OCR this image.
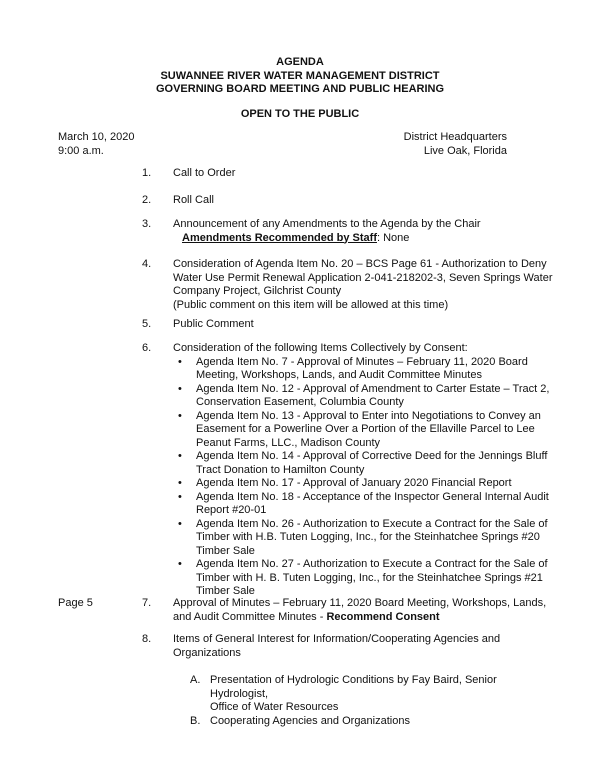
AGENDA
SUWANNEE RIVER WATER MANAGEMENT DISTRICT
GOVERNING BOARD MEETING AND PUBLIC HEARING
OPEN TO THE PUBLIC
March 10, 2020
9:00 a.m.
District Headquarters
Live Oak, Florida
1.	Call to Order
2.	Roll Call
3.	Announcement of any Amendments to the Agenda by the Chair
Amendments Recommended by Staff: None
4.	Consideration of Agenda Item No. 20 – BCS Page 61 - Authorization to Deny
Water Use Permit Renewal Application 2-041-218202-3, Seven Springs Water
Company Project, Gilchrist County
(Public comment on this item will be allowed at this time)
5.	Public Comment
6.	Consideration of the following Items Collectively by Consent:
• Agenda Item No. 7 - Approval of Minutes – February 11, 2020 Board
Meeting, Workshops, Lands, and Audit Committee Minutes
• Agenda Item No. 12 - Approval of Amendment to Carter Estate – Tract 2,
Conservation Easement, Columbia County
• Agenda Item No. 13 - Approval to Enter into Negotiations to Convey an
Easement for a Powerline Over a Portion of the Ellaville Parcel to Lee
Peanut Farms, LLC., Madison County
• Agenda Item No. 14 - Approval of Corrective Deed for the Jennings Bluff
Tract Donation to Hamilton County
• Agenda Item No. 17 - Approval of January 2020 Financial Report
• Agenda Item No. 18 - Acceptance of the Inspector General Internal Audit
Report #20-01
• Agenda Item No. 26 - Authorization to Execute a Contract for the Sale of
Timber with H.B. Tuten Logging, Inc., for the Steinhatchee Springs #20
Timber Sale
• Agenda Item No. 27 - Authorization to Execute a Contract for the Sale of
Timber with H. B. Tuten Logging, Inc., for the Steinhatchee Springs #21
Timber Sale
Page 5	7.	Approval of Minutes – February 11, 2020 Board Meeting, Workshops, Lands,
and Audit Committee Minutes - Recommend Consent
8.	Items of General Interest for Information/Cooperating Agencies and
Organizations
A. Presentation of Hydrologic Conditions by Fay Baird, Senior Hydrologist,
Office of Water Resources
B. Cooperating Agencies and Organizations
